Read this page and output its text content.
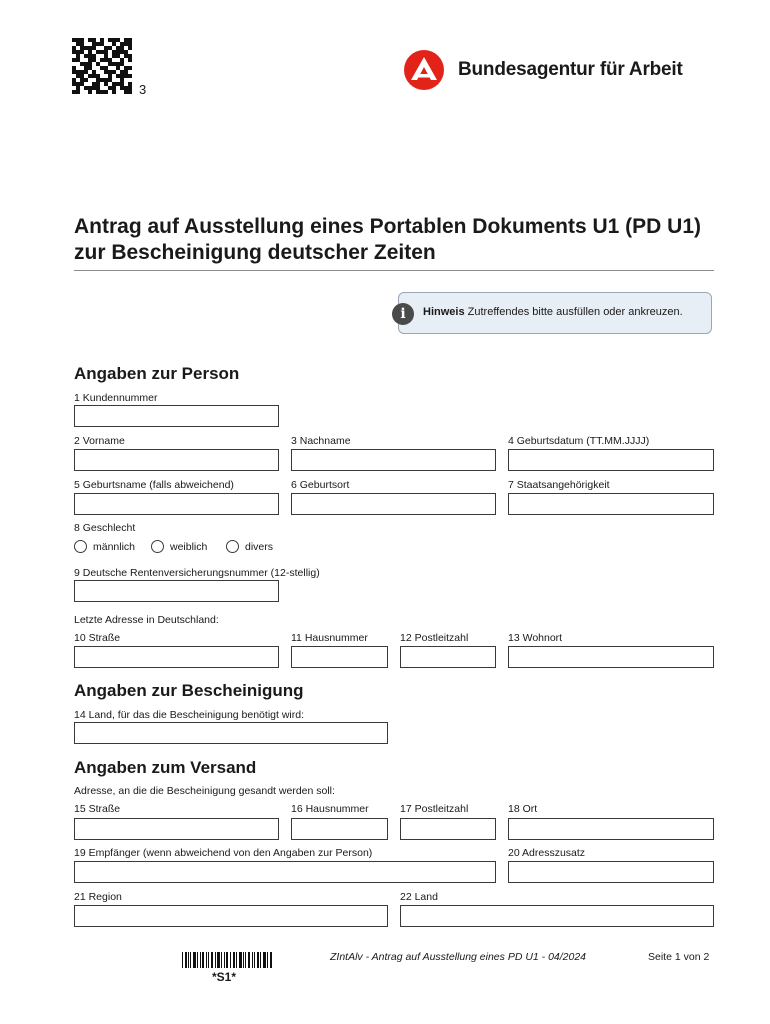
3
Bundesagentur für Arbeit
Antrag auf Ausstellung eines Portablen Dokuments U1 (PD U1)
zur Bescheinigung deutscher Zeiten
Hinweis Zutreffendes bitte ausfüllen oder ankreuzen.
i
Angaben zur Person
1 Kundennummer
2 Vorname	3 Nachname	4 Geburtsdatum (TT.MM.JJJJ)
5 Geburtsname (falls abweichend)	6 Geburtsort	7 Staatsangehörigkeit
8 Geschlecht
männlich	weiblich	divers
9 Deutsche Rentenversicherungsnummer (12-stellig)
Letzte Adresse in Deutschland:
10 Straße	11 Hausnummer	12 Postleitzahl	13 Wohnort
Angaben zur Bescheinigung
14 Land, für das die Bescheinigung benötigt wird:
Angaben zum Versand
Adresse, an die die Bescheinigung gesandt werden soll:
15 Straße	16 Hausnummer	17 Postleitzahl	18 Ort
19 Empfänger (wenn abweichend von den Angaben zur Person)	20 Adresszusatz
21 Region	22 Land
*S1*
ZIntAlv - Antrag auf Ausstellung eines PD U1 - 04/2024	Seite 1 von 2
